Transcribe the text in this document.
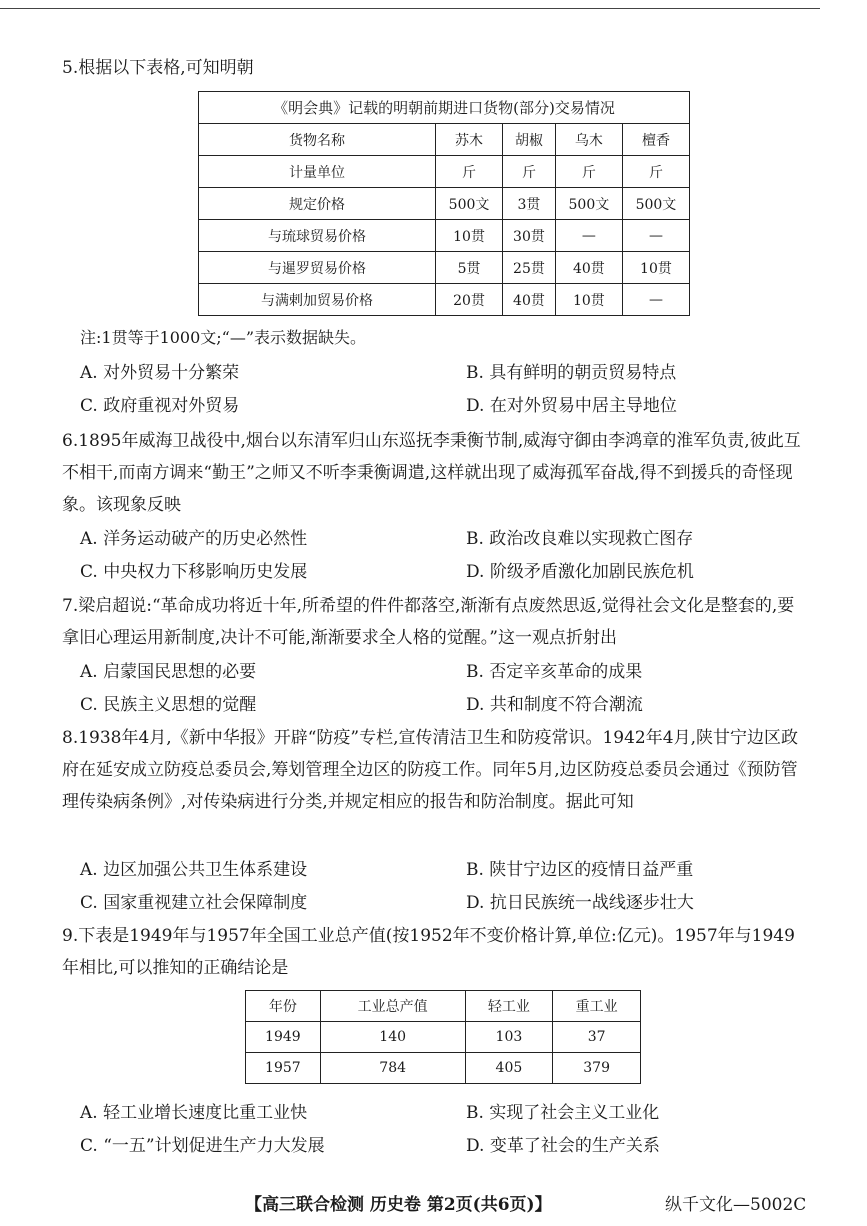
5.根据以下表格,可知明朝
《明会典》记载的明朝前期进口货物(部分)交易情况				
货物名称	苏木	胡椒	乌木	檀香
计量单位	斤	斤	斤	斤
规定价格	500文	3贯	500文	500文
与琉球贸易价格	10贯	30贯	—	—
与暹罗贸易价格	5贯	25贯	40贯	10贯
与满剌加贸易价格	20贯	40贯	10贯	—
注:1贯等于1000文;“—”表示数据缺失。
A. 对外贸易十分繁荣	B. 具有鲜明的朝贡贸易特点
C. 政府重视对外贸易	D. 在对外贸易中居主导地位
6.1895年威海卫战役中,烟台以东清军归山东巡抚李秉衡节制,威海守御由李鸿章的淮军负责,彼此互不相干,而南方调来“勤王”之师又不听李秉衡调遣,这样就出现了威海孤军奋战,得不到援兵的奇怪现象。该现象反映
A. 洋务运动破产的历史必然性	B. 政治改良难以实现救亡图存
C. 中央权力下移影响历史发展	D. 阶级矛盾激化加剧民族危机
7.梁启超说:“革命成功将近十年,所希望的件件都落空,渐渐有点废然思返,觉得社会文化是整套的,要拿旧心理运用新制度,决计不可能,渐渐要求全人格的觉醒。”这一观点折射出
A. 启蒙国民思想的必要	B. 否定辛亥革命的成果
C. 民族主义思想的觉醒	D. 共和制度不符合潮流
8.1938年4月,《新中华报》开辟“防疫”专栏,宣传清洁卫生和防疫常识。1942年4月,陕甘宁边区政府在延安成立防疫总委员会,筹划管理全边区的防疫工作。同年5月,边区防疫总委员会通过《预防管理传染病条例》,对传染病进行分类,并规定相应的报告和防治制度。据此可知
A. 边区加强公共卫生体系建设	B. 陕甘宁边区的疫情日益严重
C. 国家重视建立社会保障制度	D. 抗日民族统一战线逐步壮大
9.下表是1949年与1957年全国工业总产值(按1952年不变价格计算,单位:亿元)。1957年与1949年相比,可以推知的正确结论是
年份	工业总产值	轻工业	重工业
1949	140	103	37
1957	784	405	379
A. 轻工业增长速度比重工业快	B. 实现了社会主义工业化
C. “一五”计划促进生产力大发展	D. 变革了社会的生产关系
【高三联合检测 历史卷 第2页(共6页)】	纵千文化—5002C
